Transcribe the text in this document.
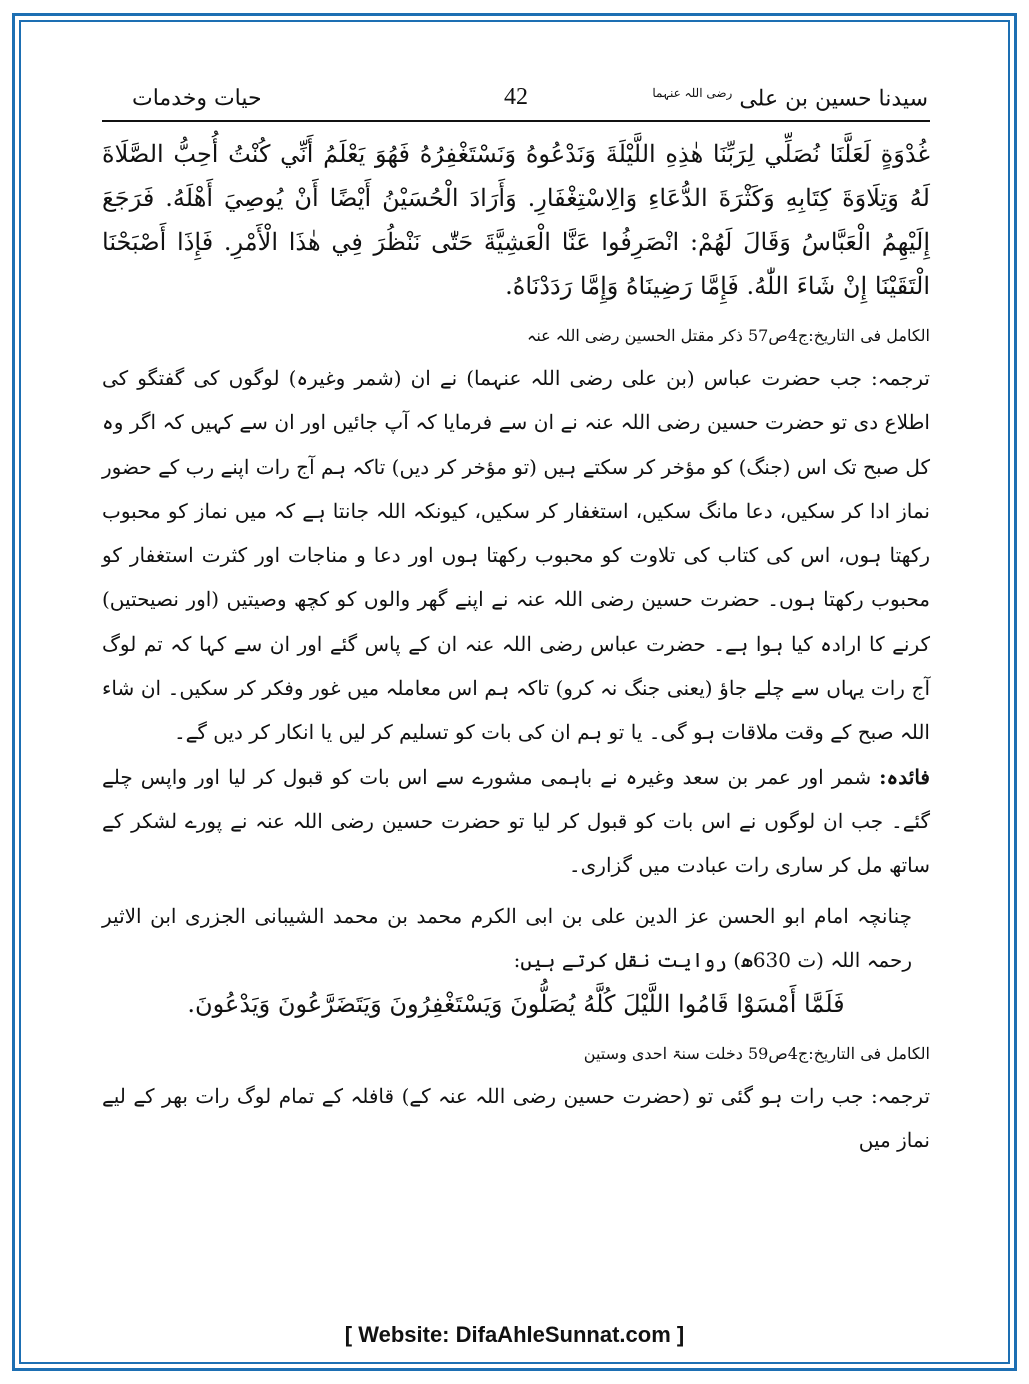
سیدنا حسین بن علی $^{رضی اللہ عنہما}$
42
حیات وخدمات

غُدْوَةٍ لَعَلَّنَا نُصَلِّي لِرَبِّنَا هٰذِهِ اللَّيْلَةَ وَنَدْعُوهُ وَنَسْتَغْفِرُهُ فَهُوَ يَعْلَمُ أَنِّي كُنْتُ أُحِبُّ الصَّلَاةَ لَهُ وَتِلَاوَةَ كِتَابِهِ وَكَثْرَةَ الدُّعَاءِ وَالِاسْتِغْفَارِ. وَأَرَادَ الْحُسَيْنُ أَيْضًا أَنْ يُوصِيَ أَهْلَهُ. فَرَجَعَ إِلَيْهِمُ الْعَبَّاسُ وَقَالَ لَهُمْ: انْصَرِفُوا عَنَّا الْعَشِيَّةَ حَتّٰى نَنْظُرَ فِي هٰذَا الْأَمْرِ. فَإِذَا أَصْبَحْنَا الْتَقَيْنَا إِنْ شَاءَ اللّٰهُ. فَإِمَّا رَضِينَاهُ وَإِمَّا رَدَدْنَاهُ.

الکامل فی التاریخ:ج4ص57 ذکر مقتل الحسین رضی اللہ عنہ

ترجمہ: جب حضرت عباس (بن علی رضی اللہ عنہما) نے ان (شمر وغیرہ) لوگوں کی گفتگو کی اطلاع دی تو حضرت حسین رضی اللہ عنہ نے ان سے فرمایا کہ آپ جائیں اور ان سے کہیں کہ اگر وہ کل صبح تک اس (جنگ) کو مؤخر کر سکتے ہیں (تو مؤخر کر دیں) تاکہ ہم آج رات اپنے رب کے حضور نماز ادا کر سکیں، دعا مانگ سکیں، استغفار کر سکیں، کیونکہ اللہ جانتا ہے کہ میں نماز کو محبوب رکھتا ہوں، اس کی کتاب کی تلاوت کو محبوب رکھتا ہوں اور دعا و مناجات اور کثرت استغفار کو محبوب رکھتا ہوں۔ حضرت حسین رضی اللہ عنہ نے اپنے گھر والوں کو کچھ وصیتیں (اور نصیحتیں) کرنے کا ارادہ کیا ہوا ہے۔ حضرت عباس رضی اللہ عنہ ان کے پاس گئے اور ان سے کہا کہ تم لوگ آج رات یہاں سے چلے جاؤ (یعنی جنگ نہ کرو) تاکہ ہم اس معاملہ میں غور وفکر کر سکیں۔ ان شاء اللہ صبح کے وقت ملاقات ہو گی۔ یا تو ہم ان کی بات کو تسلیم کر لیں یا انکار کر دیں گے۔

فائدہ: شمر اور عمر بن سعد وغیرہ نے باہمی مشورے سے اس بات کو قبول کر لیا اور واپس چلے گئے۔ جب ان لوگوں نے اس بات کو قبول کر لیا تو حضرت حسین رضی اللہ عنہ نے پورے لشکر کے ساتھ مل کر ساری رات عبادت میں گزاری۔

چنانچہ امام ابو الحسن عز الدین علی بن ابی الکرم محمد بن محمد الشیبانی الجزری ابن الاثیر رحمہ اللہ (ت 630ھ) روایت نقل کرتے ہیں:

فَلَمَّا أَمْسَوْا قَامُوا اللَّيْلَ كُلَّهُ يُصَلُّونَ وَيَسْتَغْفِرُونَ وَيَتَضَرَّعُونَ وَيَدْعُونَ.

الکامل فی التاریخ:ج4ص59 دخلت سنۃ احدی وستین

ترجمہ: جب رات ہو گئی تو (حضرت حسین رضی اللہ عنہ کے) قافلہ کے تمام لوگ رات بھر کے لیے نماز میں

[ Website: DifaAhleSunnat.com ]
